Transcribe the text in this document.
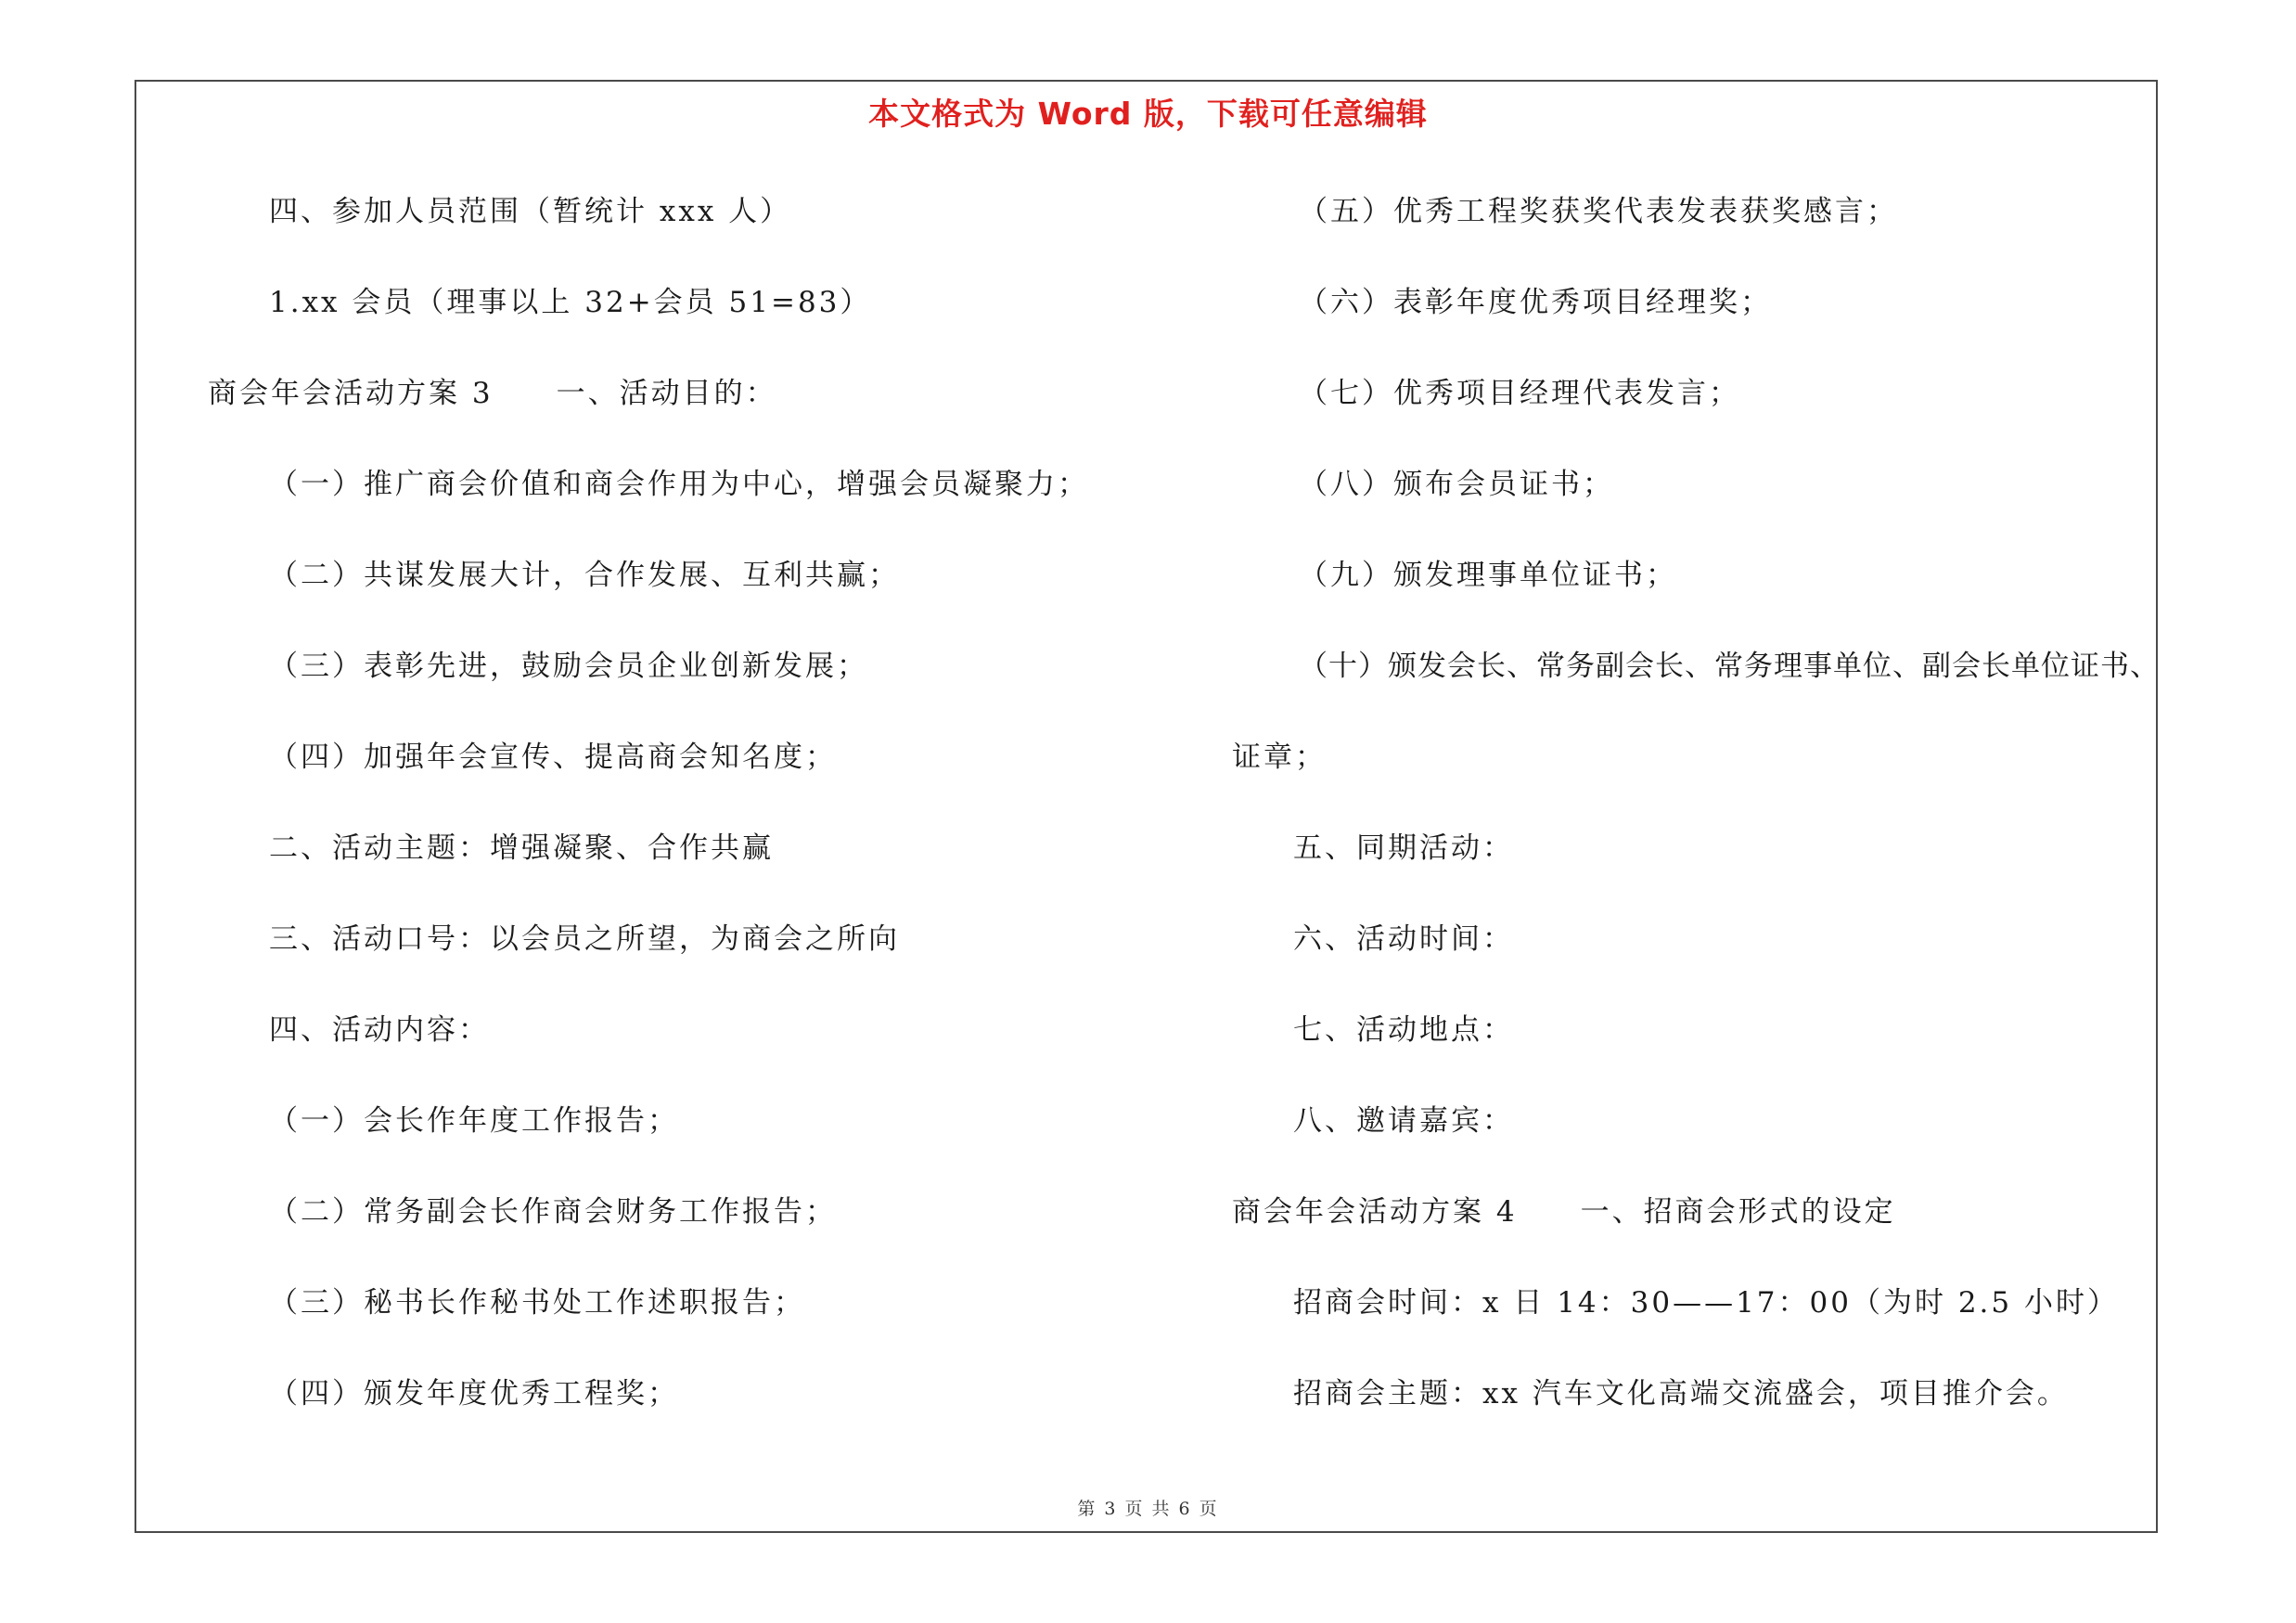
本文格式为 Word 版，下载可任意编辑
四、参加人员范围（暂统计 xxx 人）
1.xx 会员（理事以上 32+会员 51=83）
商会年会活动方案 3　　一、活动目的：
（一）推广商会价值和商会作用为中心，增强会员凝聚力；
（二）共谋发展大计，合作发展、互利共赢；
（三）表彰先进，鼓励会员企业创新发展；
（四）加强年会宣传、提高商会知名度；
二、活动主题：增强凝聚、合作共赢
三、活动口号：以会员之所望，为商会之所向
四、活动内容：
（一）会长作年度工作报告；
（二）常务副会长作商会财务工作报告；
（三）秘书长作秘书处工作述职报告；
（四）颁发年度优秀工程奖；
（五）优秀工程奖获奖代表发表获奖感言；
（六）表彰年度优秀项目经理奖；
（七）优秀项目经理代表发言；
（八）颁布会员证书；
（九）颁发理事单位证书；
（十）颁发会长、常务副会长、常务理事单位、副会长单位证书、
证章；
五、同期活动：
六、活动时间：
七、活动地点：
八、邀请嘉宾：
商会年会活动方案 4　　一、招商会形式的设定
招商会时间：x 日 14：30——17：00（为时 2.5 小时）
招商会主题：xx 汽车文化高端交流盛会，项目推介会。
第 3 页 共 6 页
